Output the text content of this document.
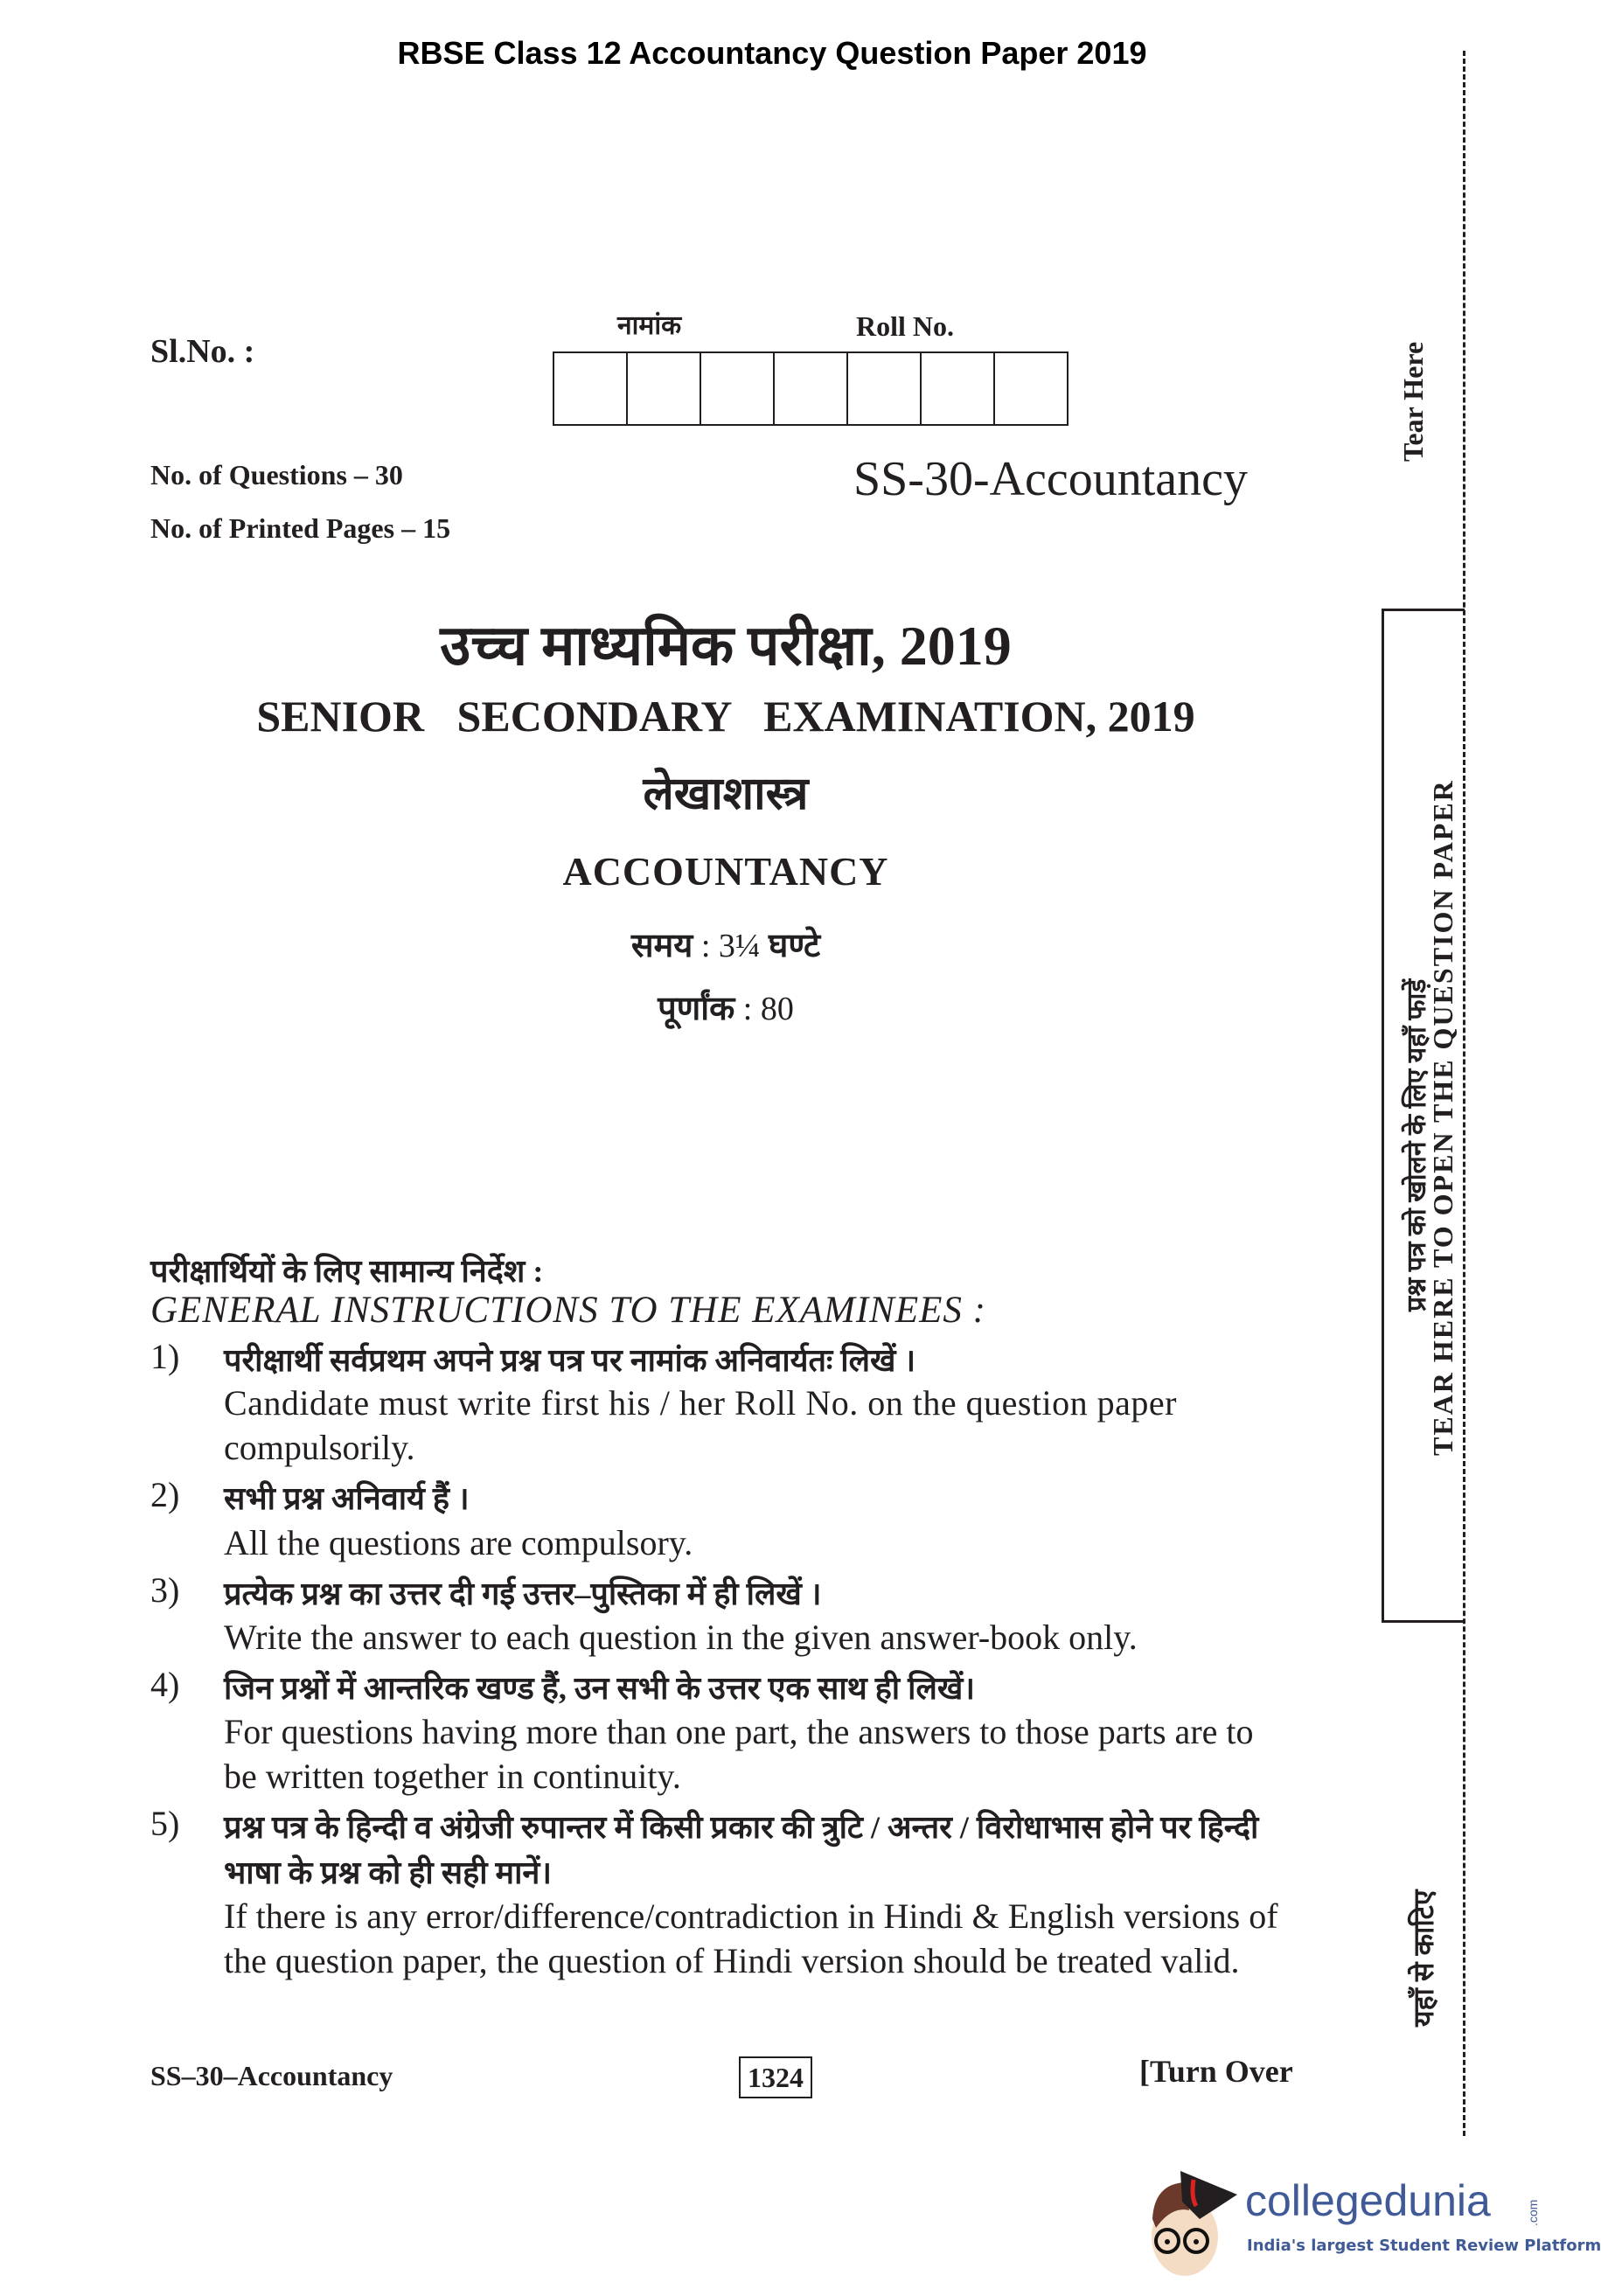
RBSE Class 12 Accountancy Question Paper 2019
Sl.No. :
नामांक	Roll No.
No. of Questions – 30
No. of Printed Pages – 15
SS-30-Accountancy
उच्च माध्यमिक परीक्षा, 2019
SENIOR   SECONDARY   EXAMINATION, 2019
लेखाशास्त्र
ACCOUNTANCY
समय : 3¼ घण्टे
पूर्णांक : 80
परीक्षार्थियों के लिए सामान्य निर्देश :
GENERAL INSTRUCTIONS TO THE EXAMINEES :
1) परीक्षार्थी सर्वप्रथम अपने प्रश्न पत्र पर नामांक अनिवार्यतः लिखें ।
Candidate must write first his / her Roll No. on the question paper
compulsorily.
2) सभी प्रश्न अनिवार्य हैं ।
All the questions are compulsory.
3) प्रत्येक प्रश्न का उत्तर दी गई उत्तर–पुस्तिका में ही लिखें ।
Write the answer to each question in the given answer-book only.
4) जिन प्रश्नों में आन्तरिक खण्ड हैं, उन सभी के उत्तर एक साथ ही लिखें।
For questions having more than one part, the answers to those parts are to
be written together in continuity.
5) प्रश्न पत्र के हिन्दी व अंग्रेजी रुपान्तर में किसी प्रकार की त्रुटि / अन्तर / विरोधाभास होने पर हिन्दी
भाषा के प्रश्न को ही सही मानें।
If there is any error/difference/contradiction in Hindi & English versions of
the question paper, the question of Hindi version should be treated valid.
SS–30–Accountancy	1324	[Turn Over
Tear Here
प्रश्न पत्र को खोलने के लिए यहाँ फाड़ें
TEAR HERE TO OPEN THE QUESTION PAPER
यहाँ से काटिए
collegedunia	.com
India's largest Student Review Platform
